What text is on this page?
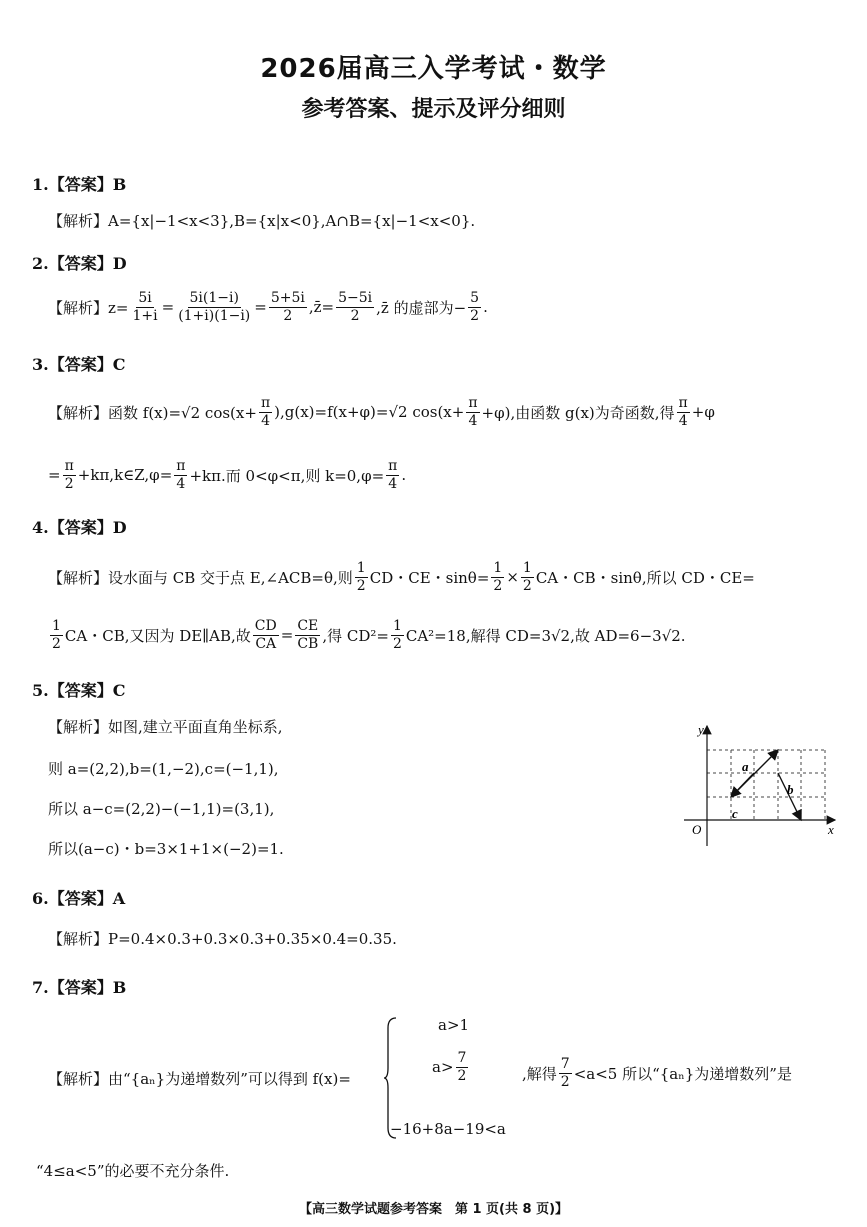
2026届高三入学考试・数学
参考答案、提示及评分细则
1.【答案】B
【解析】A={x|−1<x<3},B={x|x<0},A∩B={x|−1<x<0}.
2.【答案】D
【解析】$z= \frac{5i}{1+i} = \frac{5i(1-i)}{(1+i)(1-i)} = \frac{5+5i}{2}$ ,z̄= $\frac{5-5i}{2}$ ,z̄ 的虚部为− $\frac{5}{2}$ .
3.【答案】C
【解析】函数 f(x)=√2 $\cos(x+ \frac{\pi}{4} ),g(x)=f(x+\varphi)=√2$ $\cos(x+ \frac{\pi}{4} +\varphi)$,由函数 g(x)为奇函数,得 $\frac{\pi}{4} +\varphi$
= $\frac{\pi}{2}$ +kπ,k∈Z,φ= $\frac{\pi}{4} +k\pi$.而 0<φ<π,则 $k=0,\varphi= \frac{\pi}{4}$ .
4.【答案】D
【解析】设水面与 CB 交于点 E,∠ACB=θ,则 $\frac{1}{2}$ CD・CE・$\sin\theta= \frac{1}{2} \times \frac{1}{2}$ CA・CB・sinθ,所以 CD・CE=
$\frac{1}{2}$ CA・CB,又因为 DE∥AB,故 $\frac{CD}{CA} = \frac{CE}{CB}$ ,得 $CD^2= \frac{1}{2} CA^2=18$,解得 CD=3√2,故 AD=6−3√2.
5.【答案】C
【解析】如图,建立平面直角坐标系,
则 a=(2,2),b=(1,−2),c=(−1,1),
所以 a−c=(2,2)−(−1,1)=(3,1),
所以(a−c)・b=3×1+1×(−2)=1.
y
x
O
a
b
c
6.【答案】A
【解析】P=0.4×0.3+0.3×0.3+0.35×0.4=0.35.
7.【答案】B
【解析】由“{aₙ}为递增数列”可以得到 f(x)=
a>1
$a> \frac{7}{2}$
−16+8a−19<a
,解得 $\frac{7}{2} <a<5$ 所以“{aₙ}为递增数列”是
“4≤a<5”的必要不充分条件.
【高三数学试题参考答案　第 1 页(共 8 页)】
